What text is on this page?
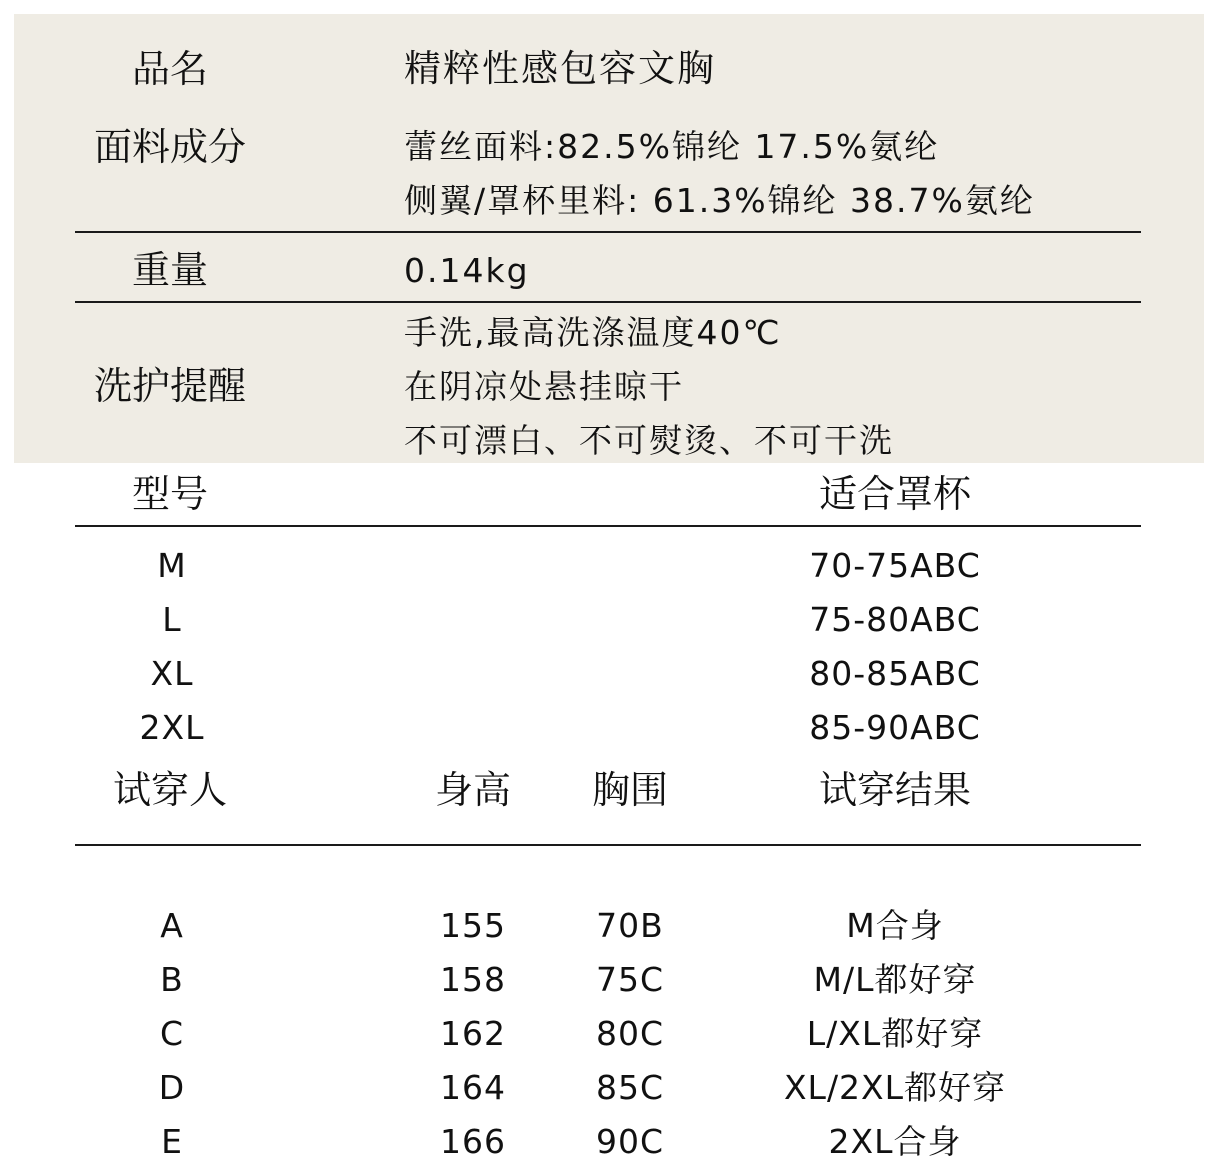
品名	精粹性感包容文胸
面料成分	蕾丝面料:82.5%锦纶 17.5%氨纶
侧翼/罩杯里料: 61.3%锦纶 38.7%氨纶
重量	0.14kg
洗护提醒
手洗,最高洗涤温度40℃
在阴凉处悬挂晾干
不可漂白、不可熨烫、不可干洗
型号	适合罩杯
M	70-75ABC
L	75-80ABC
XL	80-85ABC
2XL	85-90ABC
试穿人	身高 胸围	试穿结果
A	155	70B	M合身
B	158	75C	M/L都好穿
C	162	80C	L/XL都好穿
D	164	85C	XL/2XL都好穿
E	166	90C	2XL合身
